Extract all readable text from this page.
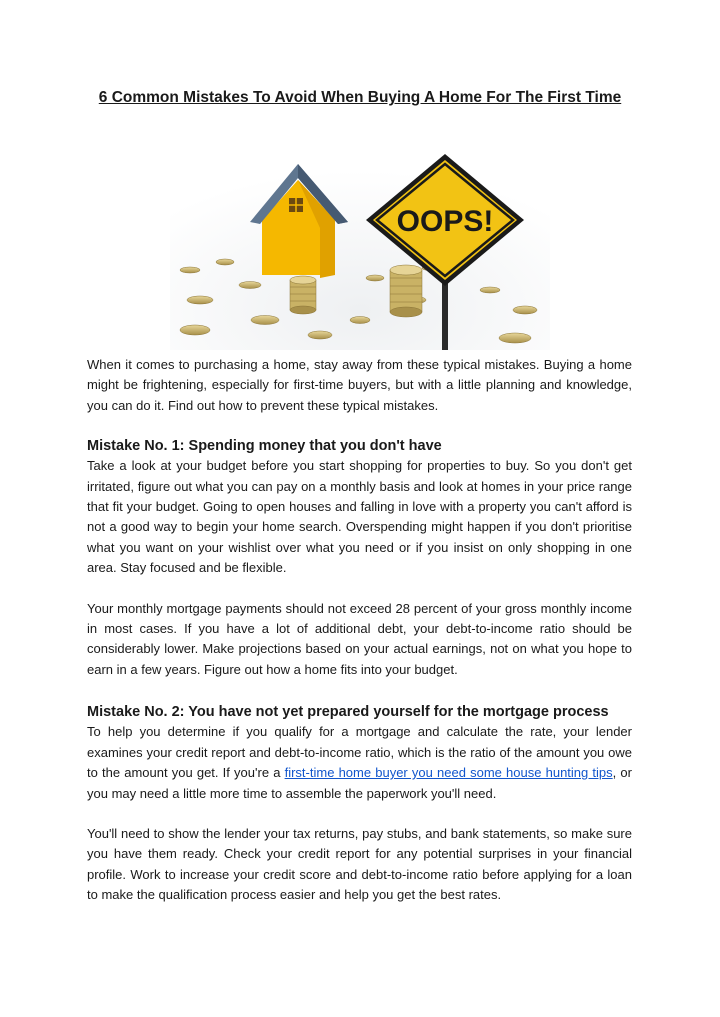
6 Common Mistakes To Avoid When Buying A Home For The First Time
OOPS!

When it comes to purchasing a home, stay away from these typical mistakes. Buying a home might be frightening, especially for first-time buyers, but with a little planning and knowledge, you can do it. Find out how to prevent these typical mistakes.

Mistake No. 1: Spending money that you don't have

Take a look at your budget before you start shopping for properties to buy. So you don't get irritated, figure out what you can pay on a monthly basis and look at homes in your price range that fit your budget. Going to open houses and falling in love with a property you can't afford is not a good way to begin your home search. Overspending might happen if you don't prioritise what you want on your wishlist over what you need or if you insist on only shopping in one area. Stay focused and be flexible.

Your monthly mortgage payments should not exceed 28 percent of your gross monthly income in most cases. If you have a lot of additional debt, your debt-to-income ratio should be considerably lower. Make projections based on your actual earnings, not on what you hope to earn in a few years. Figure out how a home fits into your budget.

Mistake No. 2: You have not yet prepared yourself for the mortgage process

To help you determine if you qualify for a mortgage and calculate the rate, your lender examines your credit report and debt-to-income ratio, which is the ratio of the amount you owe to the amount you get. If you're a first-time home buyer you need some house hunting tips, or you may need a little more time to assemble the paperwork you'll need.

You'll need to show the lender your tax returns, pay stubs, and bank statements, so make sure you have them ready. Check your credit report for any potential surprises in your financial profile. Work to increase your credit score and debt-to-income ratio before applying for a loan to make the qualification process easier and help you get the best rates.
